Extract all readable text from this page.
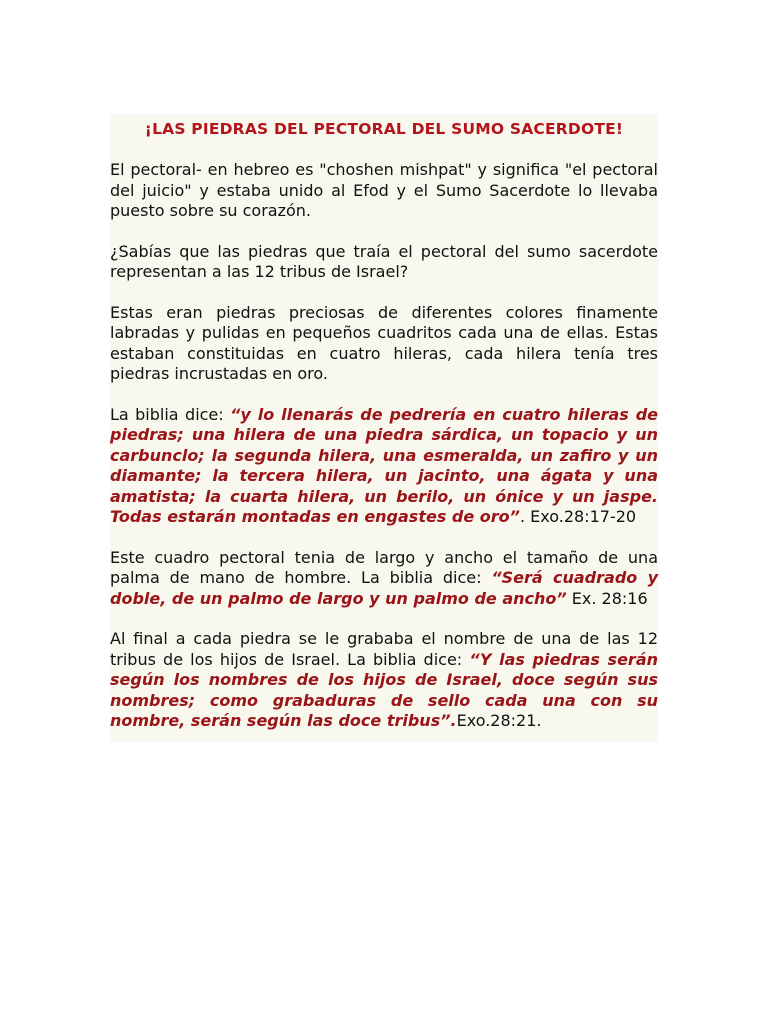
¡LAS PIEDRAS DEL PECTORAL DEL SUMO SACERDOTE!

El pectoral- en hebreo es "choshen mishpat" y significa "el pectoral del juicio" y estaba unido al Efod y el Sumo Sacerdote lo llevaba puesto sobre su corazón.

¿Sabías que las piedras que traía el pectoral del sumo sacerdote representan a las 12 tribus de Israel?

Estas eran piedras preciosas de diferentes colores finamente labradas y pulidas en pequeños cuadritos cada una de ellas. Estas estaban constituidas en cuatro hileras, cada hilera tenía tres piedras incrustadas en oro.

La biblia dice: “y lo llenarás de pedrería en cuatro hileras de piedras; una hilera de una piedra sárdica, un topacio y un carbunclo; la segunda hilera, una esmeralda, un zafiro y un diamante; la tercera hilera, un jacinto, una ágata y una amatista; la cuarta hilera, un berilo, un ónice y un jaspe. Todas estarán montadas en engastes de oro”. Exo.28:17-20

Este cuadro pectoral tenia de largo y ancho el tamaño de una palma de mano de hombre. La biblia dice: “Será cuadrado y doble, de un palmo de largo y un palmo de ancho” Ex. 28:16

Al final a cada piedra se le grababa el nombre de una de las 12 tribus de los hijos de Israel. La biblia dice: “Y las piedras serán según los nombres de los hijos de Israel, doce según sus nombres; como grabaduras de sello cada una con su nombre, serán según las doce tribus”.Exo.28:21.
